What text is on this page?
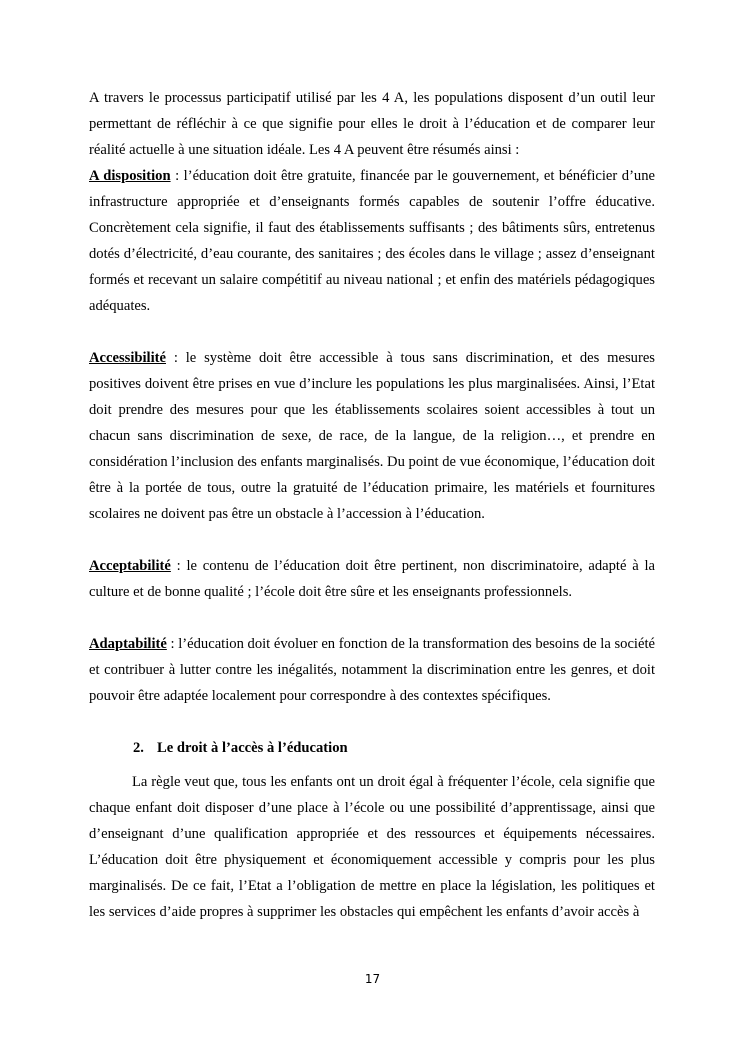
A travers le processus participatif utilisé par les 4 A, les populations disposent d’un outil leur permettant de réfléchir à ce que signifie pour elles le droit à l’éducation et de comparer leur réalité actuelle à une situation idéale. Les 4 A peuvent être résumés ainsi :

A disposition : l’éducation doit être gratuite, financée par le gouvernement, et bénéficier d’une infrastructure appropriée et d’enseignants formés capables de soutenir l’offre éducative. Concrètement cela signifie, il faut des établissements suffisants ; des bâtiments sûrs, entretenus dotés d’électricité, d’eau courante, des sanitaires ; des écoles dans le village ; assez d’enseignant formés et recevant un salaire compétitif au niveau national ; et enfin des matériels pédagogiques adéquates.

Accessibilité : le système doit être accessible à tous sans discrimination, et des mesures positives doivent être prises en vue d’inclure les populations les plus marginalisées. Ainsi, l’Etat doit prendre des mesures pour que les établissements scolaires soient accessibles à tout un chacun sans discrimination de sexe, de race, de la langue, de la religion…, et prendre en considération l’inclusion des enfants marginalisés. Du point de vue économique, l’éducation doit être à la portée de tous, outre la gratuité de l’éducation primaire, les matériels et fournitures scolaires ne doivent pas être un obstacle à l’accession à l’éducation.

Acceptabilité : le contenu de l’éducation doit être pertinent, non discriminatoire, adapté à la culture et de bonne qualité ; l’école doit être sûre et les enseignants professionnels.

Adaptabilité : l’éducation doit évoluer en fonction de la transformation des besoins de la société et contribuer à lutter contre les inégalités, notamment la discrimination entre les genres, et doit pouvoir être adaptée localement pour correspondre à des contextes spécifiques.

2. Le droit à l’accès à l’éducation

La règle veut que, tous les enfants ont un droit égal à fréquenter l’école, cela signifie que chaque enfant doit disposer d’une place à l’école ou une possibilité d’apprentissage, ainsi que d’enseignant d’une qualification appropriée et des ressources et équipements nécessaires. L’éducation doit être physiquement et économiquement accessible y compris pour les plus marginalisés. De ce fait, l’Etat a l’obligation de mettre en place la législation, les politiques et les services d’aide propres à supprimer les obstacles qui empêchent les enfants d’avoir accès à

17
